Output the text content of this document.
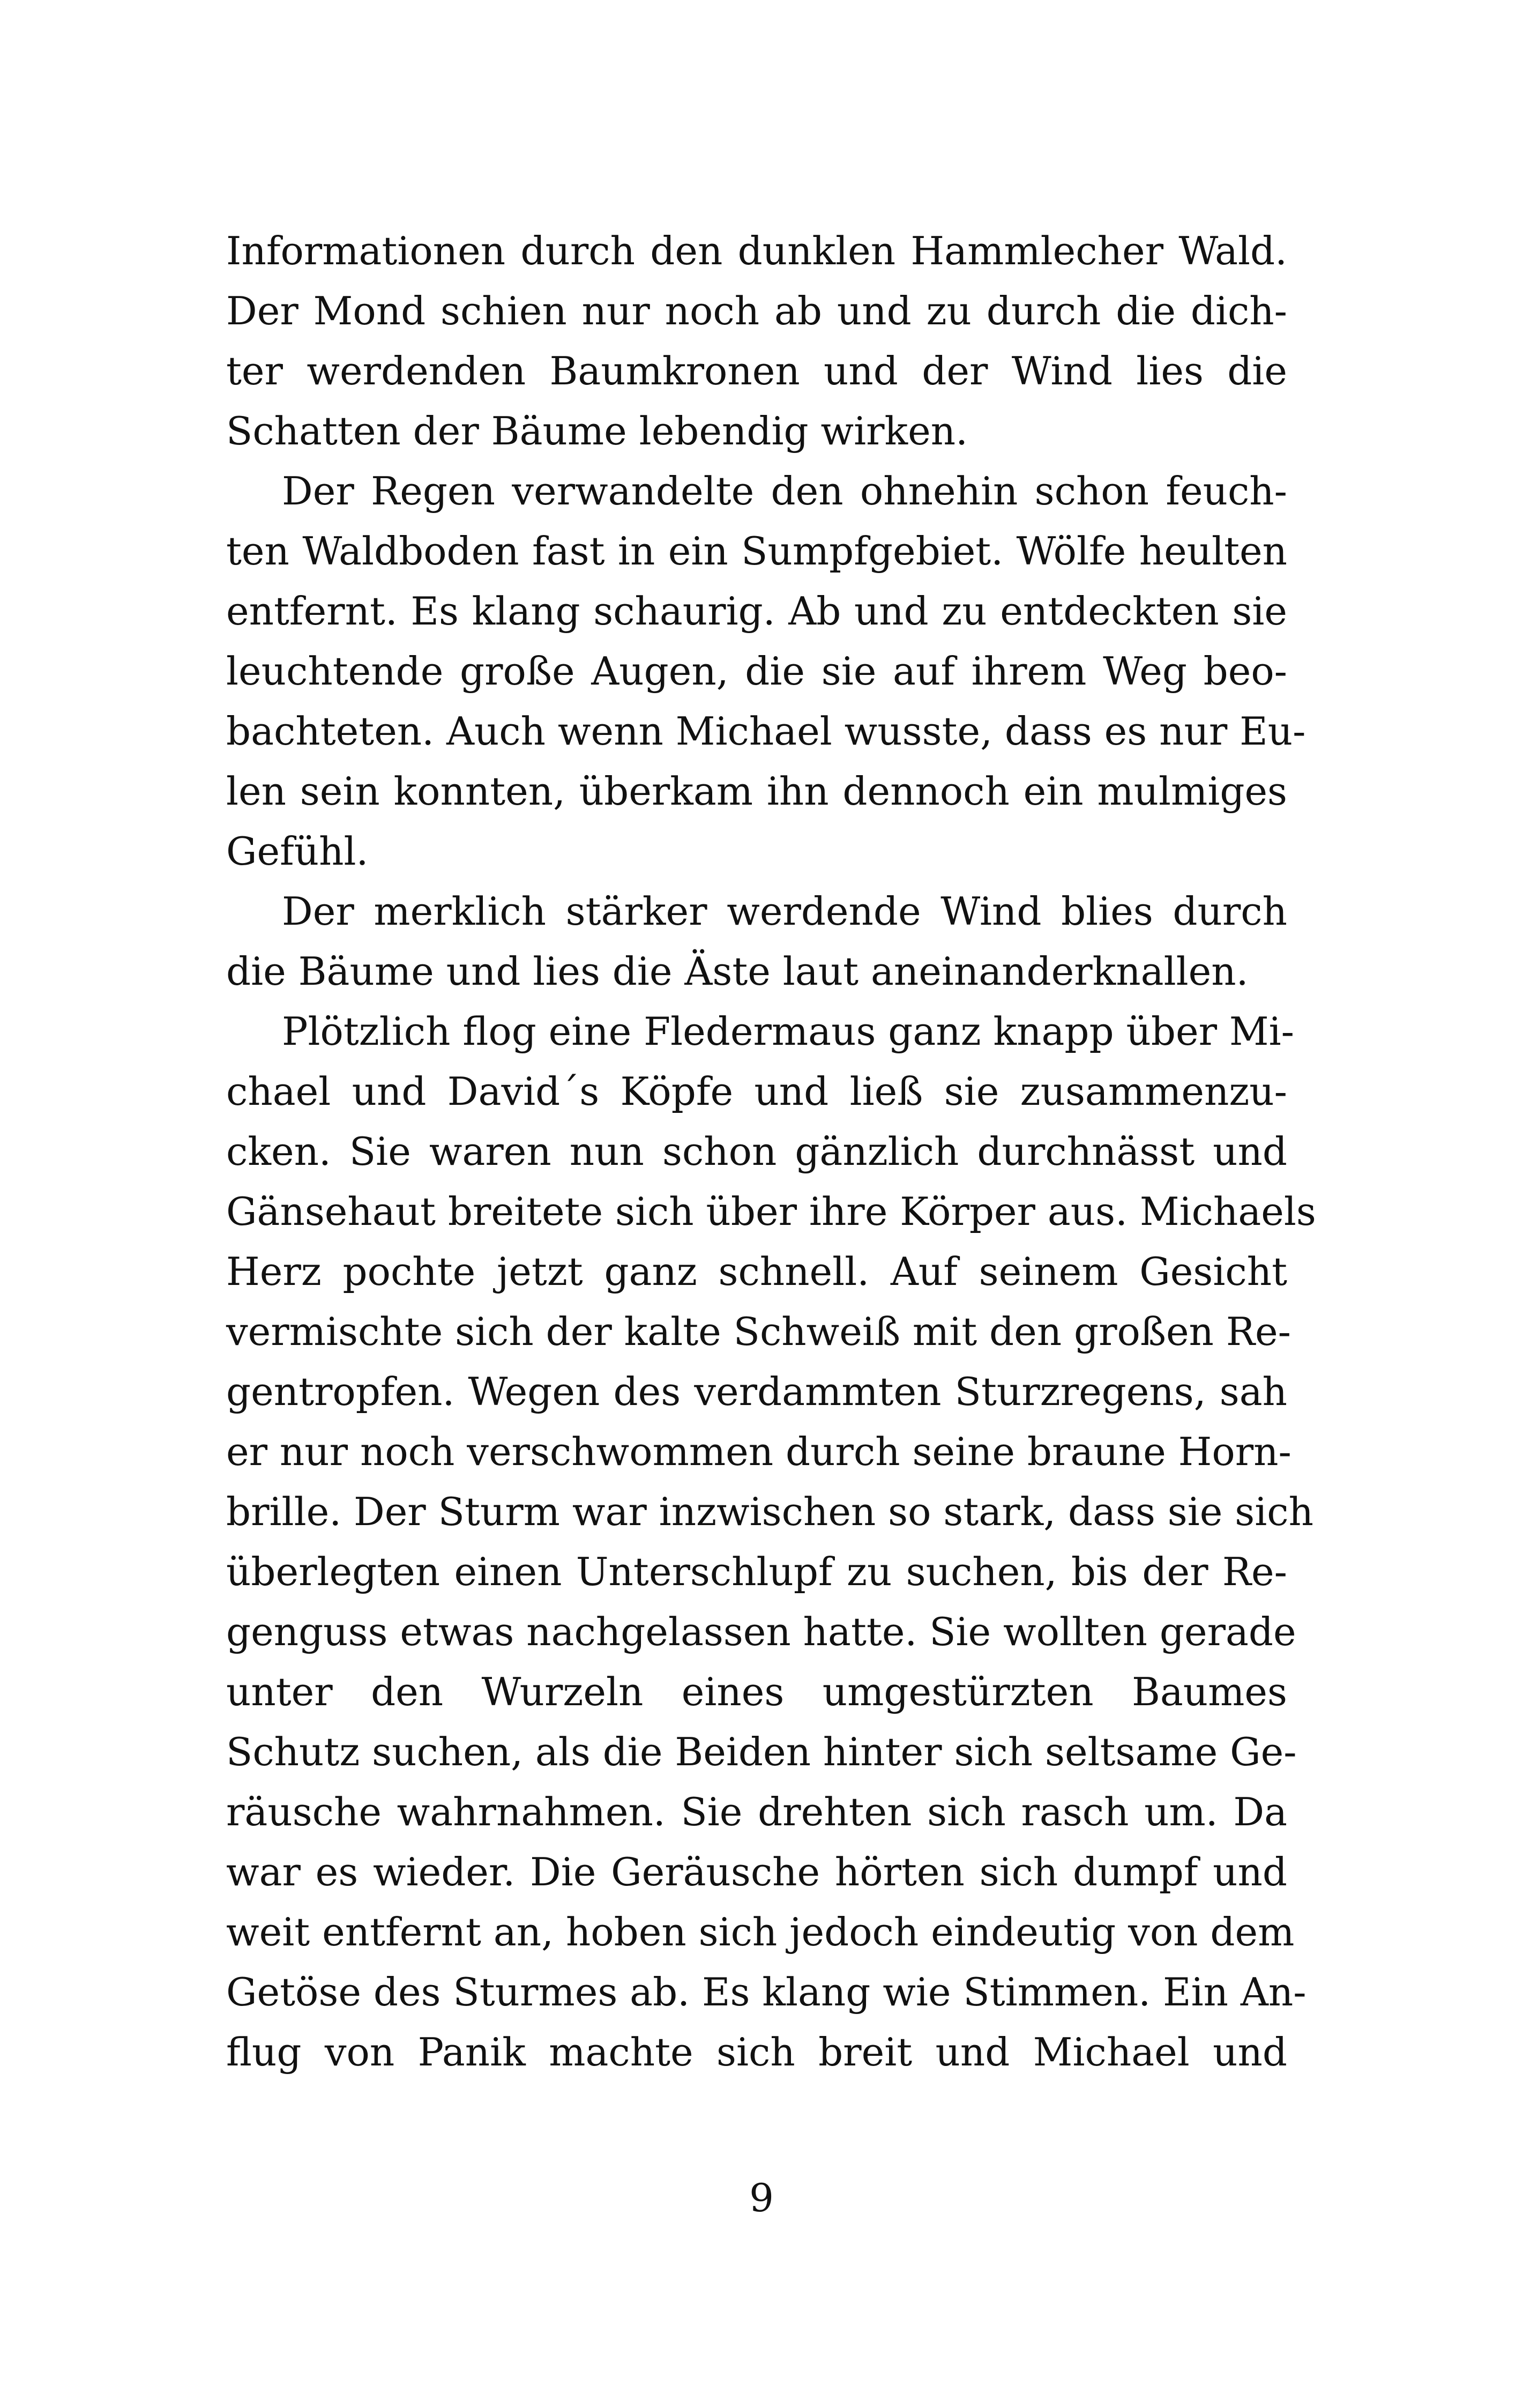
Informationen durch den dunklen Hammlecher Wald.
Der Mond schien nur noch ab und zu durch die dich-
ter werdenden Baumkronen und der Wind lies die
Schatten der Bäume lebendig wirken.
Der Regen verwandelte den ohnehin schon feuch-
ten Waldboden fast in ein Sumpfgebiet. Wölfe heulten
entfernt. Es klang schaurig. Ab und zu entdeckten sie
leuchtende große Augen, die sie auf ihrem Weg beo-
bachteten. Auch wenn Michael wusste, dass es nur Eu-
len sein konnten, überkam ihn dennoch ein mulmiges
Gefühl.
Der merklich stärker werdende Wind blies durch
die Bäume und lies die Äste laut aneinanderknallen.
Plötzlich flog eine Fledermaus ganz knapp über Mi-
chael und David´s Köpfe und ließ sie zusammenzu-
cken. Sie waren nun schon gänzlich durchnässt und
Gänsehaut breitete sich über ihre Körper aus. Michaels
Herz pochte jetzt ganz schnell. Auf seinem Gesicht
vermischte sich der kalte Schweiß mit den großen Re-
gentropfen. Wegen des verdammten Sturzregens, sah
er nur noch verschwommen durch seine braune Horn-
brille. Der Sturm war inzwischen so stark, dass sie sich
überlegten einen Unterschlupf zu suchen, bis der Re-
genguss etwas nachgelassen hatte. Sie wollten gerade
unter den Wurzeln eines umgestürzten Baumes
Schutz suchen, als die Beiden hinter sich seltsame Ge-
räusche wahrnahmen. Sie drehten sich rasch um. Da
war es wieder. Die Geräusche hörten sich dumpf und
weit entfernt an, hoben sich jedoch eindeutig von dem
Getöse des Sturmes ab. Es klang wie Stimmen. Ein An-
flug von Panik machte sich breit und Michael und
9
